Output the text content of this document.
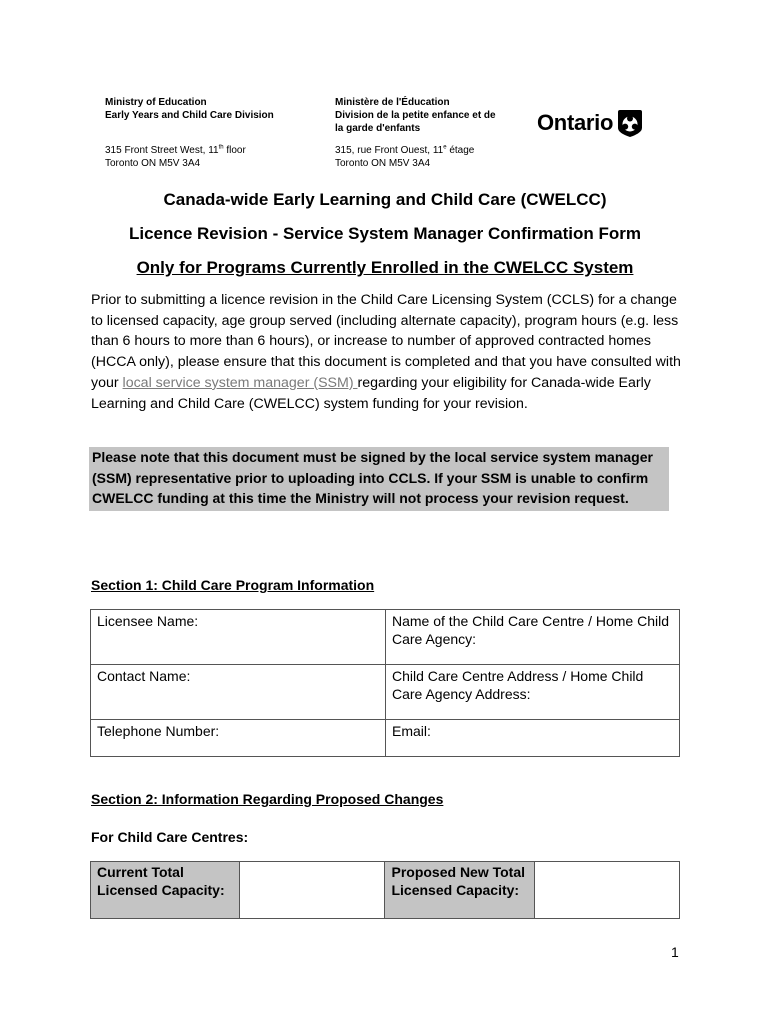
Ministry of Education
Early Years and Child Care Division
Ministère de l'Éducation
Division de la petite enfance et de
la garde d'enfants
315 Front Street West, 11th floor
Toronto ON M5V 3A4
315, rue Front Ouest, 11e étage
Toronto ON M5V 3A4
Ontario
Canada-wide Early Learning and Child Care (CWELCC)
Licence Revision - Service System Manager Confirmation Form
Only for Programs Currently Enrolled in the CWELCC System
Prior to submitting a licence revision in the Child Care Licensing System (CCLS) for a change to licensed capacity, age group served (including alternate capacity), program hours (e.g. less than 6 hours to more than 6 hours), or increase to number of approved contracted homes (HCCA only), please ensure that this document is completed and that you have consulted with your local service system manager (SSM) regarding your eligibility for Canada-wide Early Learning and Child Care (CWELCC) system funding for your revision.
Please note that this document must be signed by the local service system manager (SSM) representative prior to uploading into CCLS. If your SSM is unable to confirm CWELCC funding at this time the Ministry will not process your revision request.
Section 1: Child Care Program Information
Licensee Name:	Name of the Child Care Centre / Home Child Care Agency:
Contact Name:	Child Care Centre Address / Home Child Care Agency Address:
Telephone Number:	Email:
Section 2: Information Regarding Proposed Changes
For Child Care Centres:
Current Total Licensed Capacity:		Proposed New Total Licensed Capacity:	
1
